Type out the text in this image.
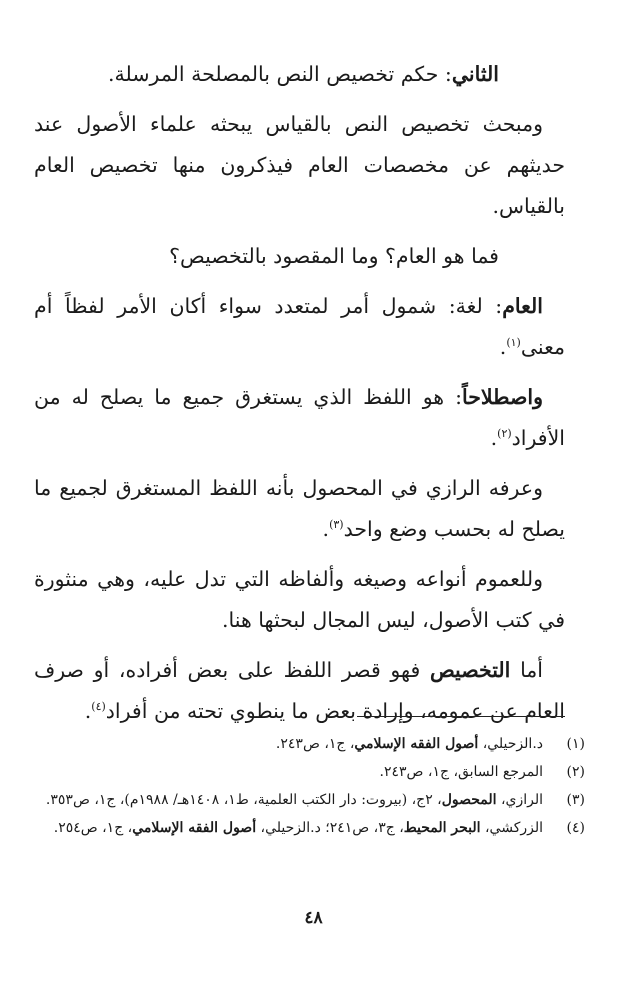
الثاني: حكم تخصيص النص بالمصلحة المرسلة.

ومبحث تخصيص النص بالقياس يبحثه علماء الأصول عند حديثهم عن مخصصات العام فيذكرون منها تخصيص العام بالقياس.

فما هو العام؟ وما المقصود بالتخصيص؟

العام: لغة: شمول أمر لمتعدد سواء أكان الأمر لفظاً أم معنى$^{(١)}$.

واصطلاحاً: هو اللفظ الذي يستغرق جميع ما يصلح له من الأفراد$^{(٢)}$.

وعرفه الرازي في المحصول بأنه اللفظ المستغرق لجميع ما يصلح له بحسب وضع واحد$^{(٣)}$.

وللعموم أنواعه وصيغه وألفاظه التي تدل عليه، وهي منثورة في كتب الأصول، ليس المجال لبحثها هنا.

أما التخصيص فهو قصر اللفظ على بعض أفراده، أو صرف العام عن عمومه، وإرادة بعض ما ينطوي تحته من أفراد$^{(٤)}$.

(١)
د.الزحيلي، أصول الفقه الإسلامي، ج١، ص٢٤٣.

(٢)
المرجع السابق، ج١، ص٢٤٣.

(٣)
الرازي، المحصول، ٢ج، (بيروت: دار الكتب العلمية، ط١، ١٤٠٨هـ/ ١٩٨٨م)، ج١، ص٣٥٣.

(٤)
الزركشي، البحر المحيط، ج٣، ص٢٤١؛ د.الزحيلي، أصول الفقه الإسلامي، ج١، ص٢٥٤.

٤٨
